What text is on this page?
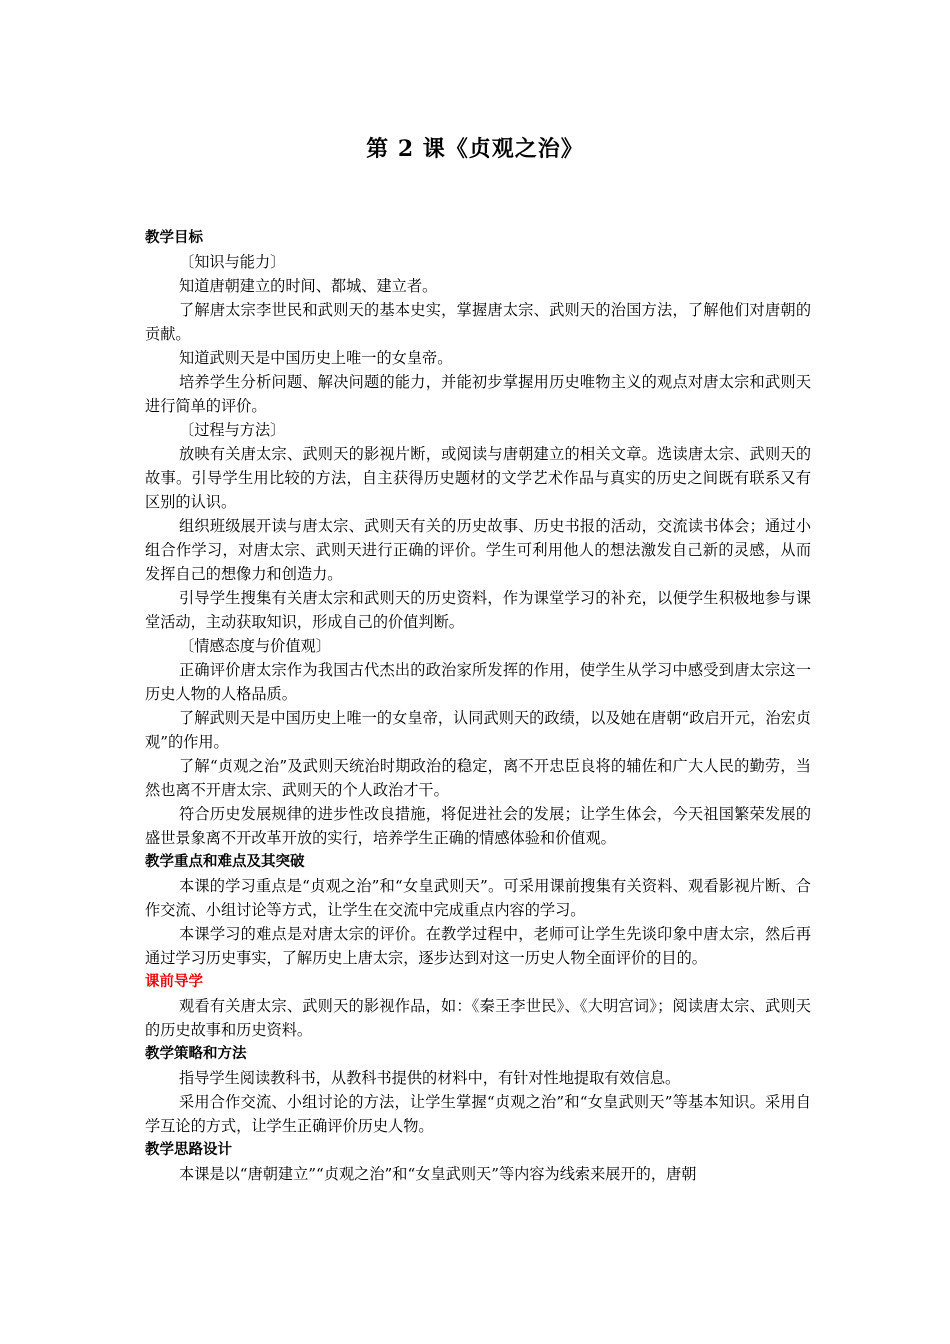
第 2 课《贞观之治》

教学目标

〔知识与能力〕

知道唐朝建立的时间、都城、建立者。

了解唐太宗李世民和武则天的基本史实，掌握唐太宗、武则天的治国方法，了解他们对唐朝的贡献。

知道武则天是中国历史上唯一的女皇帝。

培养学生分析问题、解决问题的能力，并能初步掌握用历史唯物主义的观点对唐太宗和武则天进行简单的评价。

〔过程与方法〕

放映有关唐太宗、武则天的影视片断，或阅读与唐朝建立的相关文章。选读唐太宗、武则天的故事。引导学生用比较的方法，自主获得历史题材的文学艺术作品与真实的历史之间既有联系又有区别的认识。

组织班级展开读与唐太宗、武则天有关的历史故事、历史书报的活动，交流读书体会；通过小组合作学习，对唐太宗、武则天进行正确的评价。学生可利用他人的想法激发自己新的灵感，从而发挥自己的想像力和创造力。

引导学生搜集有关唐太宗和武则天的历史资料，作为课堂学习的补充，以便学生积极地参与课堂活动，主动获取知识，形成自己的价值判断。

〔情感态度与价值观〕

正确评价唐太宗作为我国古代杰出的政治家所发挥的作用，使学生从学习中感受到唐太宗这一历史人物的人格品质。

了解武则天是中国历史上唯一的女皇帝，认同武则天的政绩，以及她在唐朝“政启开元，治宏贞观”的作用。

了解“贞观之治”及武则天统治时期政治的稳定，离不开忠臣良将的辅佐和广大人民的勤劳，当然也离不开唐太宗、武则天的个人政治才干。

符合历史发展规律的进步性改良措施，将促进社会的发展；让学生体会，今天祖国繁荣发展的盛世景象离不开改革开放的实行，培养学生正确的情感体验和价值观。

教学重点和难点及其突破

本课的学习重点是“贞观之治”和“女皇武则天”。可采用课前搜集有关资料、观看影视片断、合作交流、小组讨论等方式，让学生在交流中完成重点内容的学习。

本课学习的难点是对唐太宗的评价。在教学过程中，老师可让学生先谈印象中唐太宗，然后再通过学习历史事实，了解历史上唐太宗，逐步达到对这一历史人物全面评价的目的。

课前导学

观看有关唐太宗、武则天的影视作品，如：《秦王李世民》、《大明宫词》；阅读唐太宗、武则天的历史故事和历史资料。

教学策略和方法

指导学生阅读教科书，从教科书提供的材料中，有针对性地提取有效信息。

采用合作交流、小组讨论的方法，让学生掌握“贞观之治”和“女皇武则天”等基本知识。采用自学互论的方式，让学生正确评价历史人物。

教学思路设计

本课是以“唐朝建立”“贞观之治”和“女皇武则天”等内容为线索来展开的，唐朝
